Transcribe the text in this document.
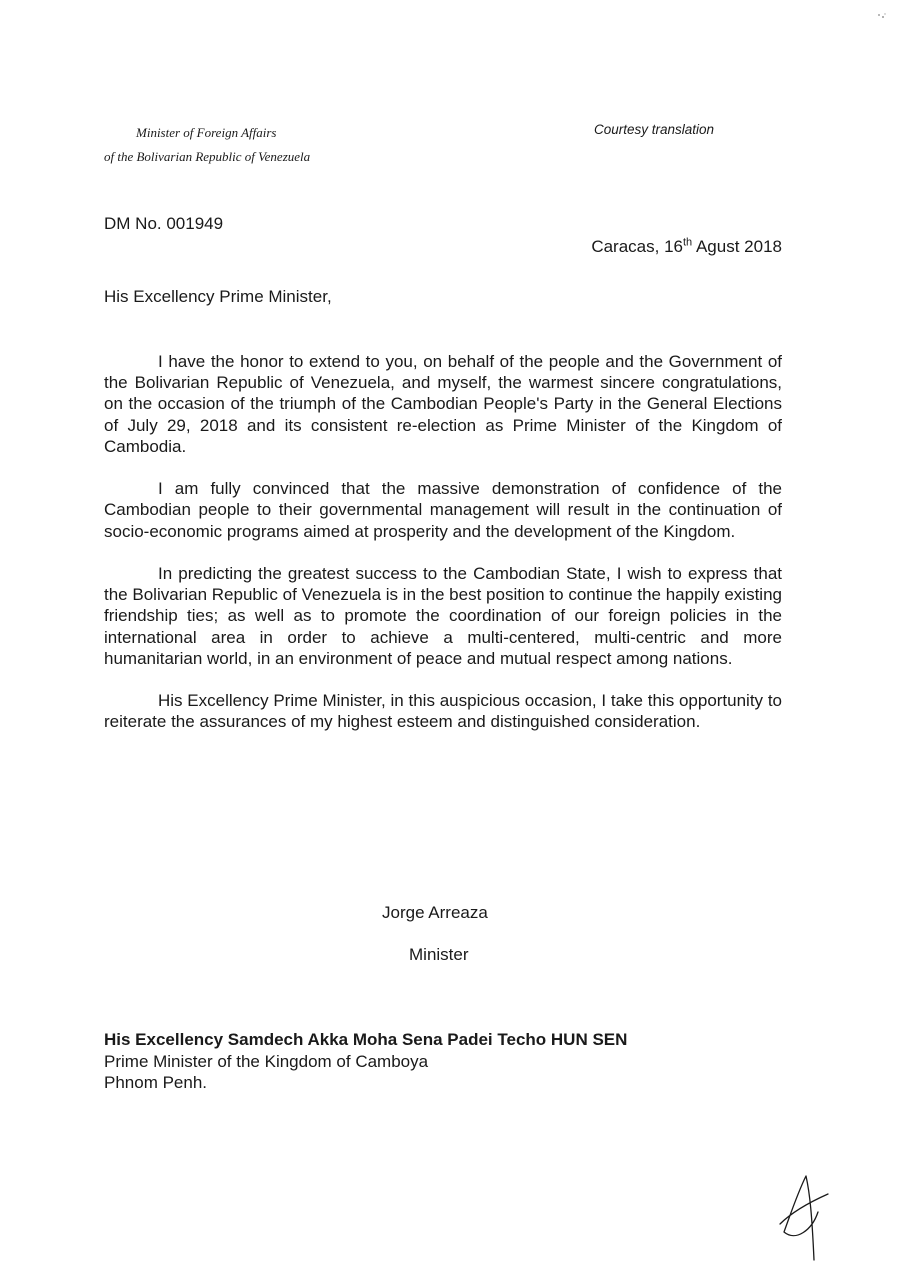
Minister of Foreign Affairs
of the Bolivarian Republic of Venezuela
Courtesy translation
DM No. 001949
Caracas, 16th Agust 2018
His Excellency Prime Minister,

I have the honor to extend to you, on behalf of the people and the Government of the Bolivarian Republic of Venezuela, and myself, the warmest sincere congratulations, on the occasion of the triumph of the Cambodian People's Party in the General Elections of July 29, 2018 and its consistent re-election as Prime Minister of the Kingdom of Cambodia.

I am fully convinced that the massive demonstration of confidence of the Cambodian people to their governmental management will result in the continuation of socio-economic programs aimed at prosperity and the development of the Kingdom.

In predicting the greatest success to the Cambodian State, I wish to express that the Bolivarian Republic of Venezuela is in the best position to continue the happily existing friendship ties; as well as to promote the coordination of our foreign policies in the international area in order to achieve a multi-centered, multi-centric and more humanitarian world, in an environment of peace and mutual respect among nations.

His Excellency Prime Minister, in this auspicious occasion, I take this opportunity to reiterate the assurances of my highest esteem and distinguished consideration.

Jorge Arreaza
Minister
His Excellency Samdech Akka Moha Sena Padei Techo HUN SEN
Prime Minister of the Kingdom of Camboya
Phnom Penh.
